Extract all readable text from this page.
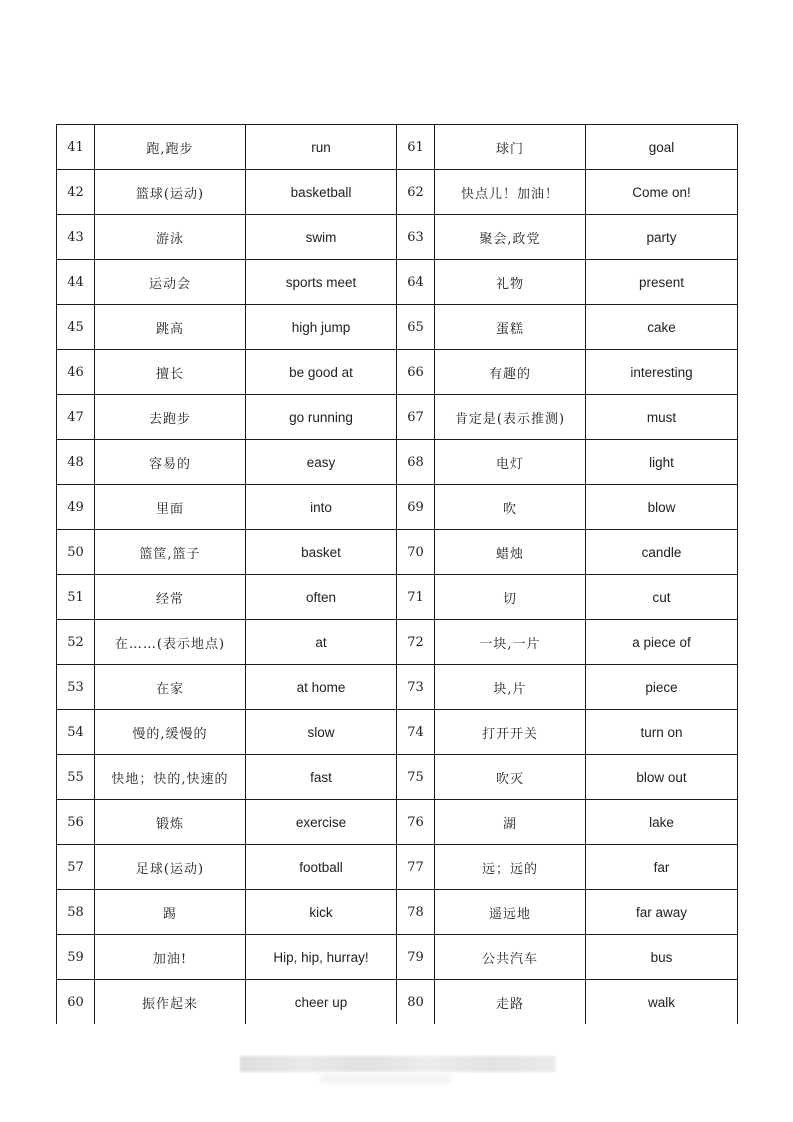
41	跑,跑步	run	61	球门	goal
42	篮球(运动)	basketball	62	快点儿！加油！	Come on!
43	游泳	swim	63	聚会,政党	party
44	运动会	sports meet	64	礼物	present
45	跳高	high jump	65	蛋糕	cake
46	擅长	be good at	66	有趣的	interesting
47	去跑步	go running	67	肯定是(表示推测)	must
48	容易的	easy	68	电灯	light
49	里面	into	69	吹	blow
50	篮筐,篮子	basket	70	蜡烛	candle
51	经常	often	71	切	cut
52	在……(表示地点)	at	72	一块,一片	a piece of
53	在家	at home	73	块,片	piece
54	慢的,缓慢的	slow	74	打开开关	turn on
55	快地；快的,快速的	fast	75	吹灭	blow out
56	锻炼	exercise	76	湖	lake
57	足球(运动)	football	77	远；远的	far
58	踢	kick	78	遥远地	far away
59	加油!	Hip, hip, hurray!	79	公共汽车	bus
60	振作起来	cheer up	80	走路	walk
